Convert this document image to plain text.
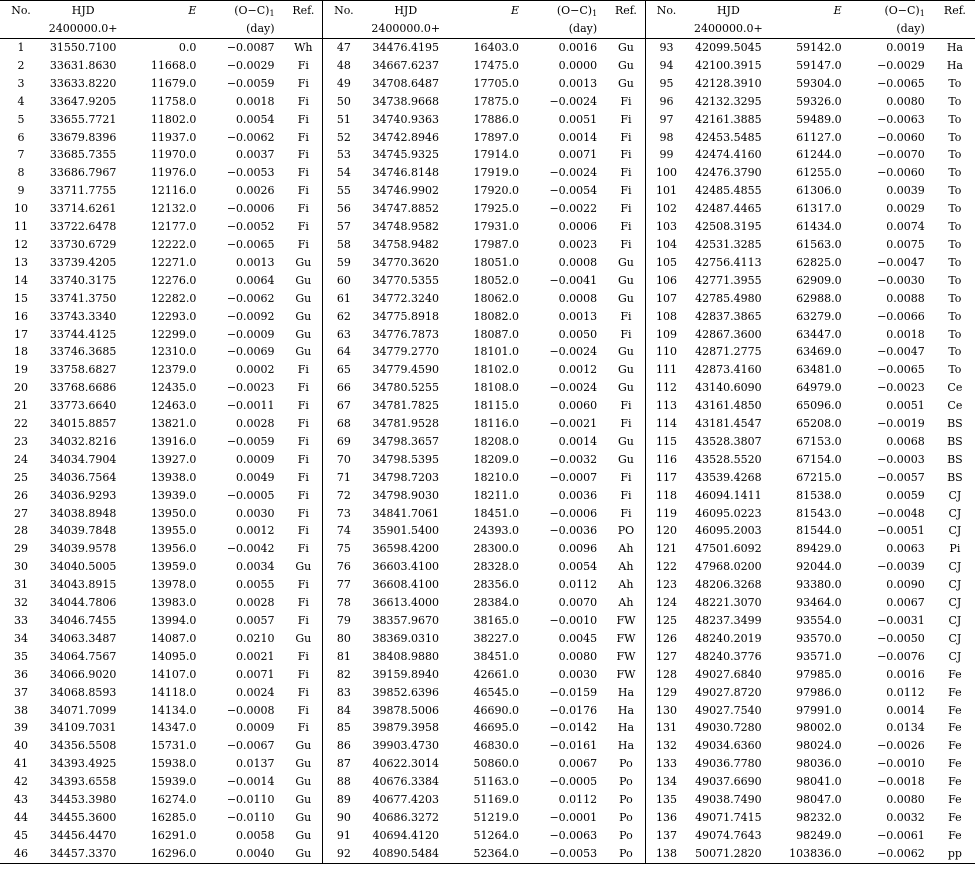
No.	HJD	E	$(O-C)_1$	Ref.	No.	HJD	E	$(O-C)_1$	Ref.	No.	HJD	E	$(O-C)_1$	Ref.
	2400000.0+		(day)			2400000.0+		(day)			2400000.0+		(day)	
1	31550.7100	0.0	−0.0087	Wh	47	34476.4195	16403.0	0.0016	Gu	93	42099.5045	59142.0	0.0019	Ha
2	33631.8630	11668.0	−0.0029	Fi	48	34667.6237	17475.0	0.0000	Gu	94	42100.3915	59147.0	−0.0029	Ha
3	33633.8220	11679.0	−0.0059	Fi	49	34708.6487	17705.0	0.0013	Gu	95	42128.3910	59304.0	−0.0065	To
4	33647.9205	11758.0	0.0018	Fi	50	34738.9668	17875.0	−0.0024	Fi	96	42132.3295	59326.0	0.0080	To
5	33655.7721	11802.0	0.0054	Fi	51	34740.9363	17886.0	0.0051	Fi	97	42161.3885	59489.0	−0.0063	To
6	33679.8396	11937.0	−0.0062	Fi	52	34742.8946	17897.0	0.0014	Fi	98	42453.5485	61127.0	−0.0060	To
7	33685.7355	11970.0	0.0037	Fi	53	34745.9325	17914.0	0.0071	Fi	99	42474.4160	61244.0	−0.0070	To
8	33686.7967	11976.0	−0.0053	Fi	54	34746.8148	17919.0	−0.0024	Fi	100	42476.3790	61255.0	−0.0060	To
9	33711.7755	12116.0	0.0026	Fi	55	34746.9902	17920.0	−0.0054	Fi	101	42485.4855	61306.0	0.0039	To
10	33714.6261	12132.0	−0.0006	Fi	56	34747.8852	17925.0	−0.0022	Fi	102	42487.4465	61317.0	0.0029	To
11	33722.6478	12177.0	−0.0052	Fi	57	34748.9582	17931.0	0.0006	Fi	103	42508.3195	61434.0	0.0074	To
12	33730.6729	12222.0	−0.0065	Fi	58	34758.9482	17987.0	0.0023	Fi	104	42531.3285	61563.0	0.0075	To
13	33739.4205	12271.0	0.0013	Gu	59	34770.3620	18051.0	0.0008	Gu	105	42756.4113	62825.0	−0.0047	To
14	33740.3175	12276.0	0.0064	Gu	60	34770.5355	18052.0	−0.0041	Gu	106	42771.3955	62909.0	−0.0030	To
15	33741.3750	12282.0	−0.0062	Gu	61	34772.3240	18062.0	0.0008	Gu	107	42785.4980	62988.0	0.0088	To
16	33743.3340	12293.0	−0.0092	Gu	62	34775.8918	18082.0	0.0013	Fi	108	42837.3865	63279.0	−0.0066	To
17	33744.4125	12299.0	−0.0009	Gu	63	34776.7873	18087.0	0.0050	Fi	109	42867.3600	63447.0	0.0018	To
18	33746.3685	12310.0	−0.0069	Gu	64	34779.2770	18101.0	−0.0024	Gu	110	42871.2775	63469.0	−0.0047	To
19	33758.6827	12379.0	0.0002	Fi	65	34779.4590	18102.0	0.0012	Gu	111	42873.4160	63481.0	−0.0065	To
20	33768.6686	12435.0	−0.0023	Fi	66	34780.5255	18108.0	−0.0024	Gu	112	43140.6090	64979.0	−0.0023	Ce
21	33773.6640	12463.0	−0.0011	Fi	67	34781.7825	18115.0	0.0060	Fi	113	43161.4850	65096.0	0.0051	Ce
22	34015.8857	13821.0	0.0028	Fi	68	34781.9528	18116.0	−0.0021	Fi	114	43181.4547	65208.0	−0.0019	BS
23	34032.8216	13916.0	−0.0059	Fi	69	34798.3657	18208.0	0.0014	Gu	115	43528.3807	67153.0	0.0068	BS
24	34034.7904	13927.0	0.0009	Fi	70	34798.5395	18209.0	−0.0032	Gu	116	43528.5520	67154.0	−0.0003	BS
25	34036.7564	13938.0	0.0049	Fi	71	34798.7203	18210.0	−0.0007	Fi	117	43539.4268	67215.0	−0.0057	BS
26	34036.9293	13939.0	−0.0005	Fi	72	34798.9030	18211.0	0.0036	Fi	118	46094.1411	81538.0	0.0059	CJ
27	34038.8948	13950.0	0.0030	Fi	73	34841.7061	18451.0	−0.0006	Fi	119	46095.0223	81543.0	−0.0048	CJ
28	34039.7848	13955.0	0.0012	Fi	74	35901.5400	24393.0	−0.0036	PO	120	46095.2003	81544.0	−0.0051	CJ
29	34039.9578	13956.0	−0.0042	Fi	75	36598.4200	28300.0	0.0096	Ah	121	47501.6092	89429.0	0.0063	Pi
30	34040.5005	13959.0	0.0034	Gu	76	36603.4100	28328.0	0.0054	Ah	122	47968.0200	92044.0	−0.0039	CJ
31	34043.8915	13978.0	0.0055	Fi	77	36608.4100	28356.0	0.0112	Ah	123	48206.3268	93380.0	0.0090	CJ
32	34044.7806	13983.0	0.0028	Fi	78	36613.4000	28384.0	0.0070	Ah	124	48221.3070	93464.0	0.0067	CJ
33	34046.7455	13994.0	0.0057	Fi	79	38357.9670	38165.0	−0.0010	FW	125	48237.3499	93554.0	−0.0031	CJ
34	34063.3487	14087.0	0.0210	Gu	80	38369.0310	38227.0	0.0045	FW	126	48240.2019	93570.0	−0.0050	CJ
35	34064.7567	14095.0	0.0021	Fi	81	38408.9880	38451.0	0.0080	FW	127	48240.3776	93571.0	−0.0076	CJ
36	34066.9020	14107.0	0.0071	Fi	82	39159.8940	42661.0	0.0030	FW	128	49027.6840	97985.0	0.0016	Fe
37	34068.8593	14118.0	0.0024	Fi	83	39852.6396	46545.0	−0.0159	Ha	129	49027.8720	97986.0	0.0112	Fe
38	34071.7099	14134.0	−0.0008	Fi	84	39878.5006	46690.0	−0.0176	Ha	130	49027.7540	97991.0	0.0014	Fe
39	34109.7031	14347.0	0.0009	Fi	85	39879.3958	46695.0	−0.0142	Ha	131	49030.7280	98002.0	0.0134	Fe
40	34356.5508	15731.0	−0.0067	Gu	86	39903.4730	46830.0	−0.0161	Ha	132	49034.6360	98024.0	−0.0026	Fe
41	34393.4925	15938.0	0.0137	Gu	87	40622.3014	50860.0	0.0067	Po	133	49036.7780	98036.0	−0.0010	Fe
42	34393.6558	15939.0	−0.0014	Gu	88	40676.3384	51163.0	−0.0005	Po	134	49037.6690	98041.0	−0.0018	Fe
43	34453.3980	16274.0	−0.0110	Gu	89	40677.4203	51169.0	0.0112	Po	135	49038.7490	98047.0	0.0080	Fe
44	34455.3600	16285.0	−0.0110	Gu	90	40686.3272	51219.0	−0.0001	Po	136	49071.7415	98232.0	0.0032	Fe
45	34456.4470	16291.0	0.0058	Gu	91	40694.4120	51264.0	−0.0063	Po	137	49074.7643	98249.0	−0.0061	Fe
46	34457.3370	16296.0	0.0040	Gu	92	40890.5484	52364.0	−0.0053	Po	138	50071.2820	103836.0	−0.0062	pp
